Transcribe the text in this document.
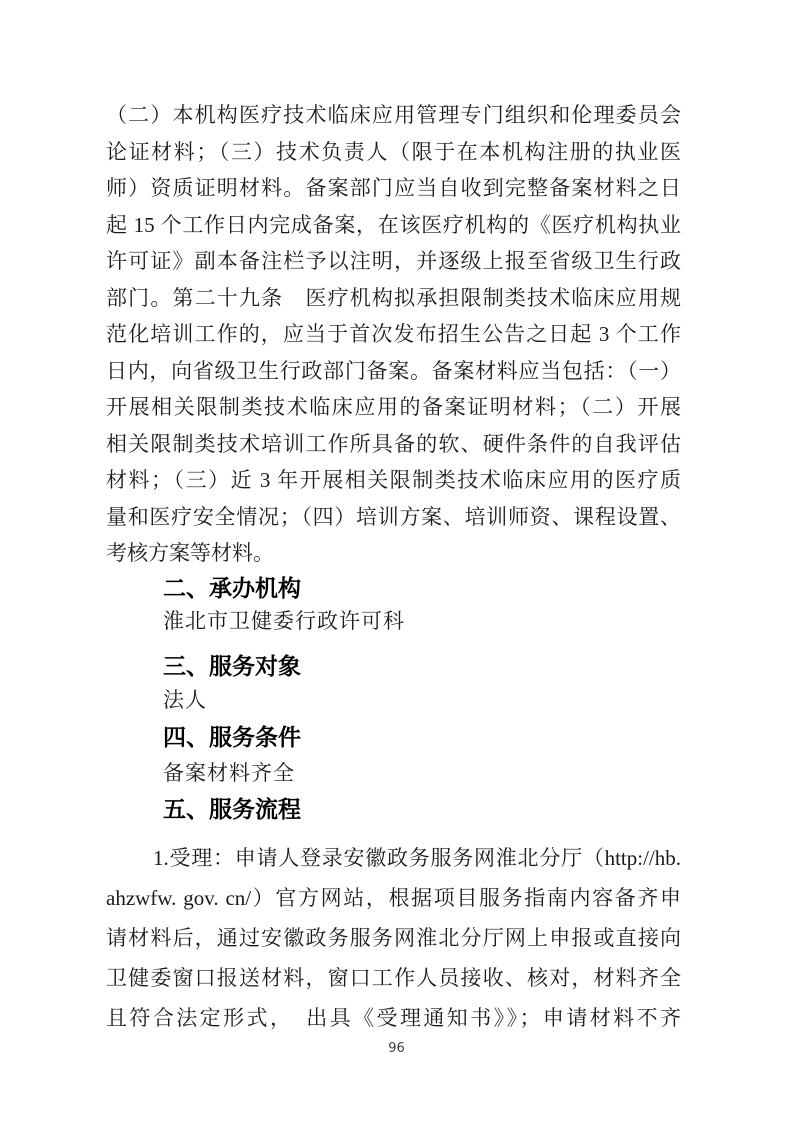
（二）本机构医疗技术临床应用管理专门组织和伦理委员会
论证材料；（三）技术负责人（限于在本机构注册的执业医
师）资质证明材料。备案部门应当自收到完整备案材料之日
起 15 个工作日内完成备案，在该医疗机构的《医疗机构执业
许可证》副本备注栏予以注明，并逐级上报至省级卫生行政
部门。第二十九条　医疗机构拟承担限制类技术临床应用规
范化培训工作的，应当于首次发布招生公告之日起 3 个工作
日内，向省级卫生行政部门备案。备案材料应当包括：（一）
开展相关限制类技术临床应用的备案证明材料；（二）开展
相关限制类技术培训工作所具备的软、硬件条件的自我评估
材料；（三）近 3 年开展相关限制类技术临床应用的医疗质
量和医疗安全情况；（四）培训方案、培训师资、课程设置、
考核方案等材料。
二、承办机构
淮北市卫健委行政许可科
三、服务对象
法人
四、服务条件
备案材料齐全
五、服务流程
1.受理：申请人登录安徽政务服务网淮北分厅（http://hb.
ahzwfw. gov. cn/）官方网站，根据项目服务指南内容备齐申
请材料后，通过安徽政务服务网淮北分厅网上申报或直接向
卫健委窗口报送材料，窗口工作人员接收、核对，材料齐全
且符合法定形式，　出具《受理通知书》》；申请材料不齐
96
